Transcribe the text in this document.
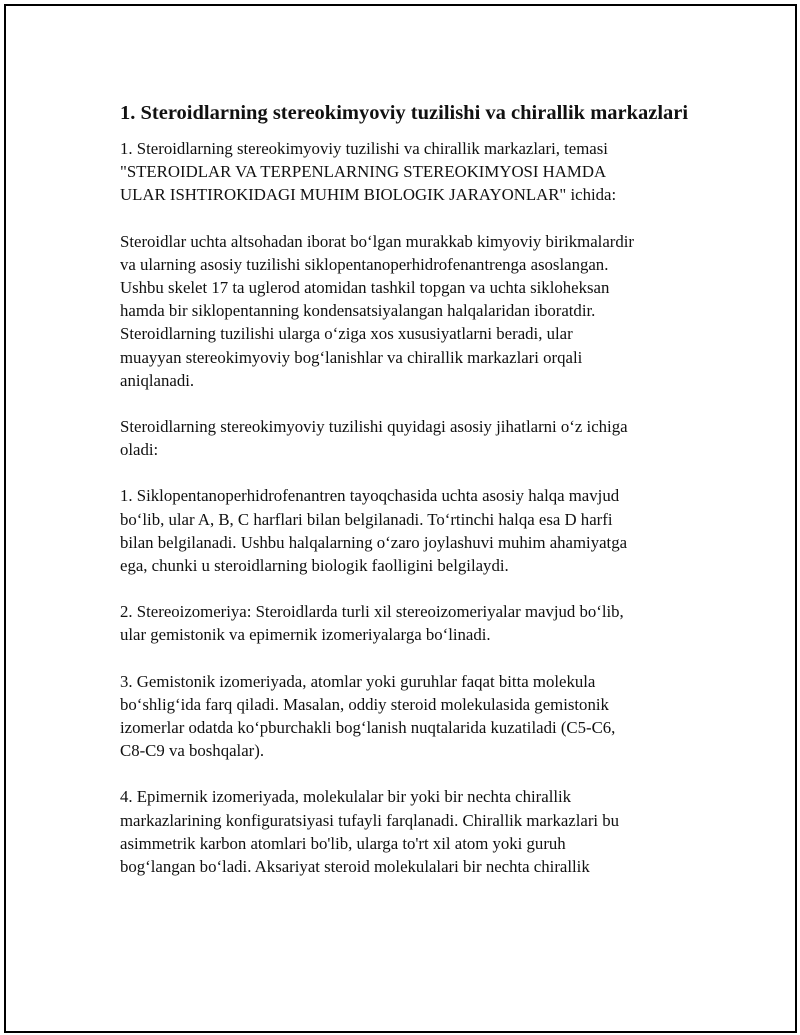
1. Steroidlarning stereokimyoviy tuzilishi va chirallik markazlari

1. Steroidlarning stereokimyoviy tuzilishi va chirallik markazlari, temasi
"STEROIDLAR VA TERPENLARNING STEREOKIMYOSI HAMDA
ULAR ISHTIROKIDAGI MUHIM BIOLOGIK JARAYONLAR" ichida:

Steroidlar uchta altsohadan iborat bo‘lgan murakkab kimyoviy birikmalardir
va ularning asosiy tuzilishi siklopentanoperhidrofenantrenga asoslangan.
Ushbu skelet 17 ta uglerod atomidan tashkil topgan va uchta sikloheksan
hamda bir siklopentanning kondensatsiyalangan halqalaridan iboratdir.
Steroidlarning tuzilishi ularga o‘ziga xos xususiyatlarni beradi, ular
muayyan stereokimyoviy bog‘lanishlar va chirallik markazlari orqali
aniqlanadi.

Steroidlarning stereokimyoviy tuzilishi quyidagi asosiy jihatlarni o‘z ichiga
oladi:

1. Siklopentanoperhidrofenantren tayoqchasida uchta asosiy halqa mavjud
bo‘lib, ular A, B, C harflari bilan belgilanadi. To‘rtinchi halqa esa D harfi
bilan belgilanadi. Ushbu halqalarning o‘zaro joylashuvi muhim ahamiyatga
ega, chunki u steroidlarning biologik faolligini belgilaydi.

2. Stereoizomeriya: Steroidlarda turli xil stereoizomeriyalar mavjud bo‘lib,
ular gemistonik va epimernik izomeriyalarga bo‘linadi.

3. Gemistonik izomeriyada, atomlar yoki guruhlar faqat bitta molekula
bo‘shlig‘ida farq qiladi. Masalan, oddiy steroid molekulasida gemistonik
izomerlar odatda ko‘pburchakli bog‘lanish nuqtalarida kuzatiladi (C5-C6,
C8-C9 va boshqalar).

4. Epimernik izomeriyada, molekulalar bir yoki bir nechta chirallik
markazlarining konfiguratsiyasi tufayli farqlanadi. Chirallik markazlari bu
asimmetrik karbon atomlari bo'lib, ularga to'rt xil atom yoki guruh
bog‘langan bo‘ladi. Aksariyat steroid molekulalari bir nechta chirallik
